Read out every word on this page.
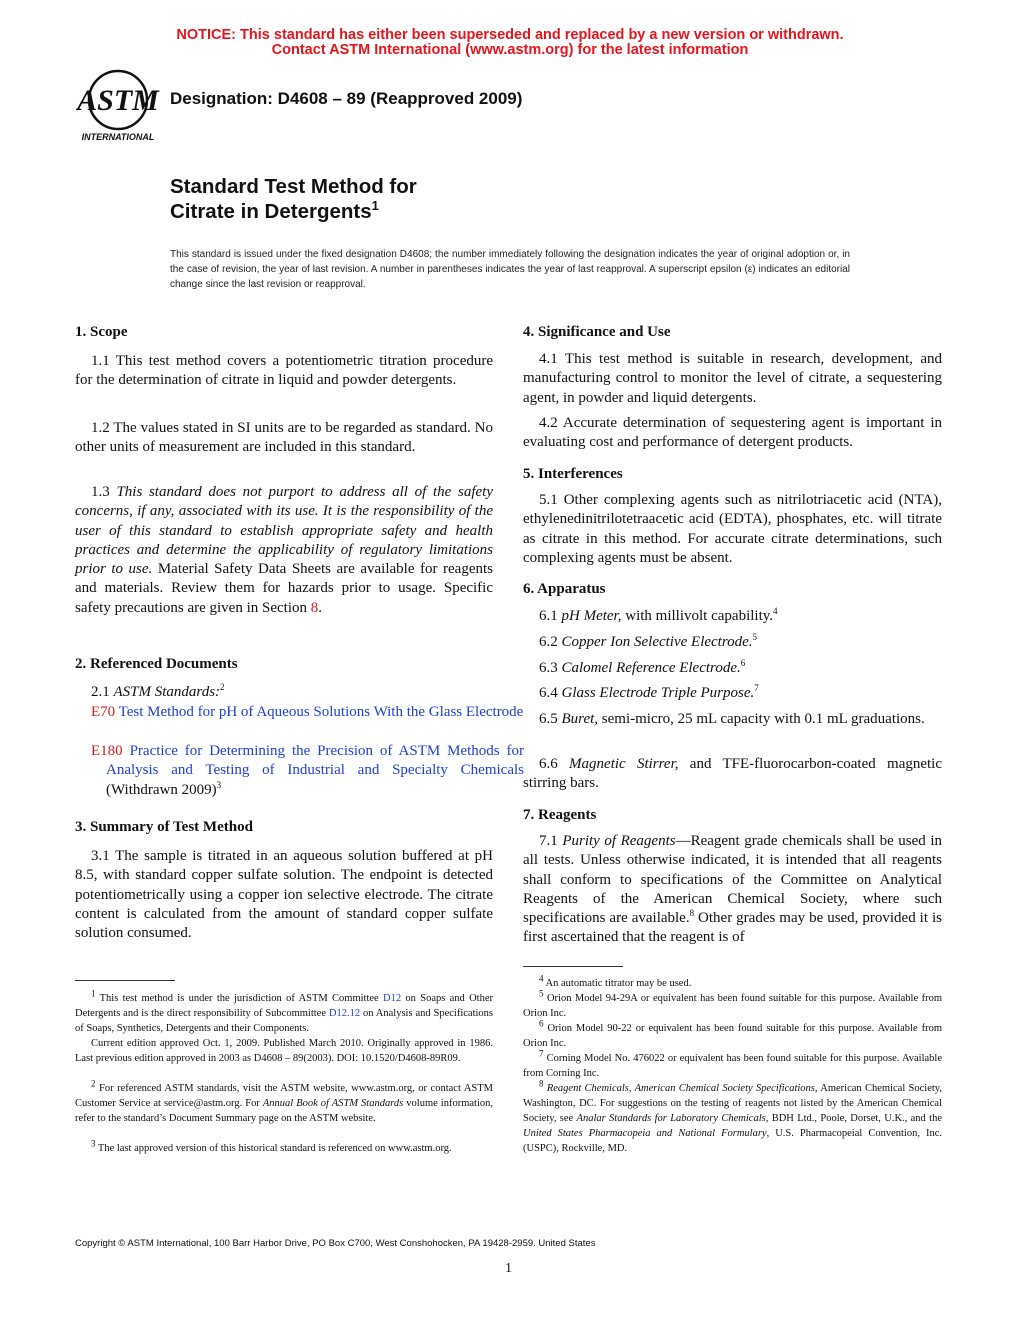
NOTICE: This standard has either been superseded and replaced by a new version or withdrawn.
Contact ASTM International (www.astm.org) for the latest information
ASTM
INTERNATIONAL
Designation: D4608 – 89 (Reapproved 2009)
Standard Test Method for
Citrate in Detergents$^1$
This standard is issued under the fixed designation D4608; the number immediately following the designation indicates the year of original adoption or, in the case of revision, the year of last revision. A number in parentheses indicates the year of last reapproval. A superscript epsilon (ε) indicates an editorial change since the last revision or reapproval.
1. Scope
1.1 This test method covers a potentiometric titration procedure for the determination of citrate in liquid and powder detergents.
1.2 The values stated in SI units are to be regarded as standard. No other units of measurement are included in this standard.
1.3 This standard does not purport to address all of the safety concerns, if any, associated with its use. It is the responsibility of the user of this standard to establish appropriate safety and health practices and determine the applicability of regulatory limitations prior to use. Material Safety Data Sheets are available for reagents and materials. Review them for hazards prior to usage. Specific safety precautions are given in Section 8.
2. Referenced Documents
2.1 ASTM Standards:$^2$
E70 Test Method for pH of Aqueous Solutions With the Glass Electrode
E180 Practice for Determining the Precision of ASTM Methods for Analysis and Testing of Industrial and Specialty Chemicals (Withdrawn 2009)$^3$
3. Summary of Test Method
3.1 The sample is titrated in an aqueous solution buffered at pH 8.5, with standard copper sulfate solution. The endpoint is detected potentiometrically using a copper ion selective electrode. The citrate content is calculated from the amount of standard copper sulfate solution consumed.
$^1$ This test method is under the jurisdiction of ASTM Committee D12 on Soaps and Other Detergents and is the direct responsibility of Subcommittee D12.12 on Analysis and Specifications of Soaps, Synthetics, Detergents and their Components.
Current edition approved Oct. 1, 2009. Published March 2010. Originally approved in 1986. Last previous edition approved in 2003 as D4608 – 89(2003). DOI: 10.1520/D4608-89R09.
$^2$ For referenced ASTM standards, visit the ASTM website, www.astm.org, or contact ASTM Customer Service at service@astm.org. For Annual Book of ASTM Standards volume information, refer to the standard’s Document Summary page on the ASTM website.
$^3$ The last approved version of this historical standard is referenced on www.astm.org.
4. Significance and Use
4.1 This test method is suitable in research, development, and manufacturing control to monitor the level of citrate, a sequestering agent, in powder and liquid detergents.
4.2 Accurate determination of sequestering agent is important in evaluating cost and performance of detergent products.
5. Interferences
5.1 Other complexing agents such as nitrilotriacetic acid (NTA), ethylenedinitrilotetraacetic acid (EDTA), phosphates, etc. will titrate as citrate in this method. For accurate citrate determinations, such complexing agents must be absent.
6. Apparatus
6.1 pH Meter, with millivolt capability.$^4$
6.2 Copper Ion Selective Electrode.$^5$
6.3 Calomel Reference Electrode.$^6$
6.4 Glass Electrode Triple Purpose.$^7$
6.5 Buret, semi-micro, 25 mL capacity with 0.1 mL graduations.
6.6 Magnetic Stirrer, and TFE-fluorocarbon-coated magnetic stirring bars.
7. Reagents
7.1 Purity of Reagents—Reagent grade chemicals shall be used in all tests. Unless otherwise indicated, it is intended that all reagents shall conform to specifications of the Committee on Analytical Reagents of the American Chemical Society, where such specifications are available.$^8$ Other grades may be used, provided it is first ascertained that the reagent is of
$^4$ An automatic titrator may be used.
$^5$ Orion Model 94-29A or equivalent has been found suitable for this purpose. Available from Orion Inc.
$^6$ Orion Model 90-22 or equivalent has been found suitable for this purpose. Available from Orion Inc.
$^7$ Corning Model No. 476022 or equivalent has been found suitable for this purpose. Available from Corning Inc.
$^8$ Reagent Chemicals, American Chemical Society Specifications, American Chemical Society, Washington, DC. For suggestions on the testing of reagents not listed by the American Chemical Society, see Analar Standards for Laboratory Chemicals, BDH Ltd., Poole, Dorset, U.K., and the United States Pharmacopeia and National Formulary, U.S. Pharmacopeial Convention, Inc. (USPC), Rockville, MD.
Copyright © ASTM International, 100 Barr Harbor Drive, PO Box C700, West Conshohocken, PA 19428-2959. United States
1
